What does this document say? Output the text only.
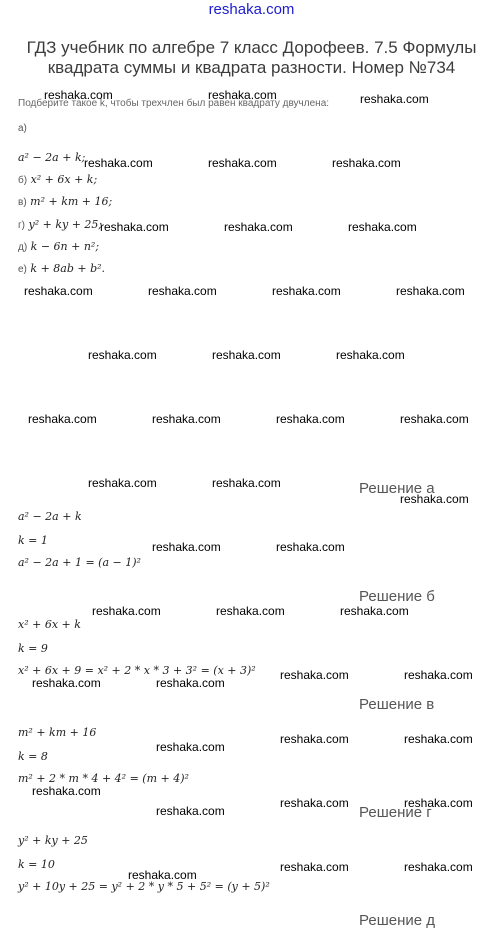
reshaka.com
ГДЗ учебник по алгебре 7 класс Дорофеев. 7.5 Формулы
квадрата суммы и квадрата разности. Номер №734
Подберите такое k, чтобы трехчлен был равен квадрату двучлена:
а)
a² − 2a + k;
б) x² + 6x + k;
в) m² + km + 16;
г) y² + ky + 25;
д) k − 6n + n²;
е) k + 8ab + b².
Решение а
a² − 2a + k
k = 1
a² − 2a + 1 = (a − 1)²
Решение б
x² + 6x + k
k = 9
x² + 6x + 9 = x² + 2 * x * 3 + 3² = (x + 3)²
Решение в
m² + km + 16
k = 8
m² + 2 * m * 4 + 4² = (m + 4)²
Решение г
y² + ky + 25
k = 10
y² + 10y + 25 = y² + 2 * y * 5 + 5² = (y + 5)²
Решение д
reshaka.com	reshaka.com	reshaka.com
reshaka.com	reshaka.com	reshaka.com
reshaka.com	reshaka.com	reshaka.com
reshaka.com	reshaka.com	reshaka.com	reshaka.com
reshaka.com	reshaka.com	reshaka.com
reshaka.com	reshaka.com	reshaka.com	reshaka.com
reshaka.com	reshaka.com
reshaka.com
reshaka.com	reshaka.com
reshaka.com	reshaka.com	reshaka.com
reshaka.com	reshaka.com
reshaka.com	reshaka.com
reshaka.com
reshaka.com	reshaka.com
reshaka.com
reshaka.com
reshaka.com	reshaka.com
reshaka.com
reshaka.com	reshaka.com
